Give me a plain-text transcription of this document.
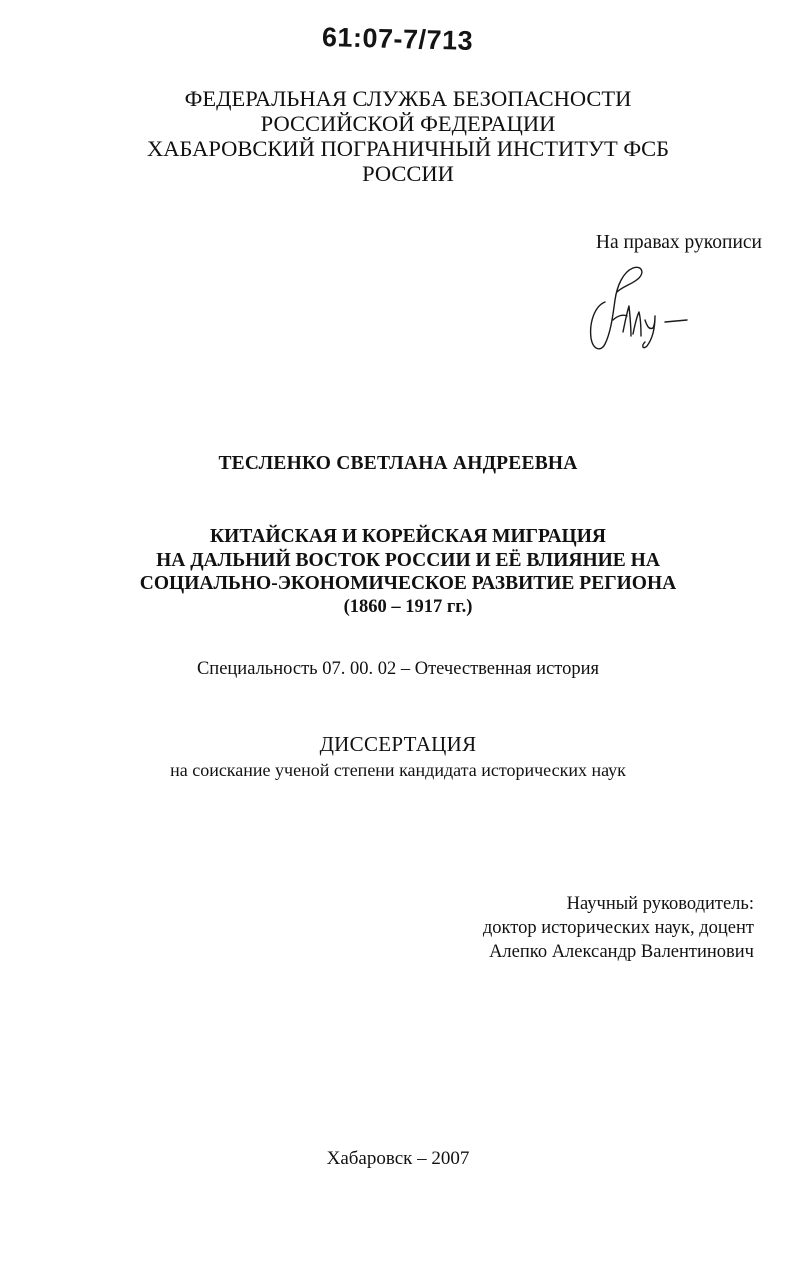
61:07-7/713
ФЕДЕРАЛЬНАЯ СЛУЖБА БЕЗОПАСНОСТИ
РОССИЙСКОЙ ФЕДЕРАЦИИ
ХАБАРОВСКИЙ ПОГРАНИЧНЫЙ ИНСТИТУТ ФСБ РОССИИ
На правах рукописи
ТЕСЛЕНКО СВЕТЛАНА АНДРЕЕВНА
КИТАЙСКАЯ И КОРЕЙСКАЯ МИГРАЦИЯ
НА ДАЛЬНИЙ ВОСТОК РОССИИ И ЕЁ ВЛИЯНИЕ НА
СОЦИАЛЬНО-ЭКОНОМИЧЕСКОЕ РАЗВИТИЕ РЕГИОНА
(1860 – 1917 гг.)
Специальность 07. 00. 02 – Отечественная история
ДИССЕРТАЦИЯ
на соискание ученой степени кандидата исторических наук
Научный руководитель:
доктор исторических наук, доцент
Алепко Александр Валентинович
Хабаровск – 2007
